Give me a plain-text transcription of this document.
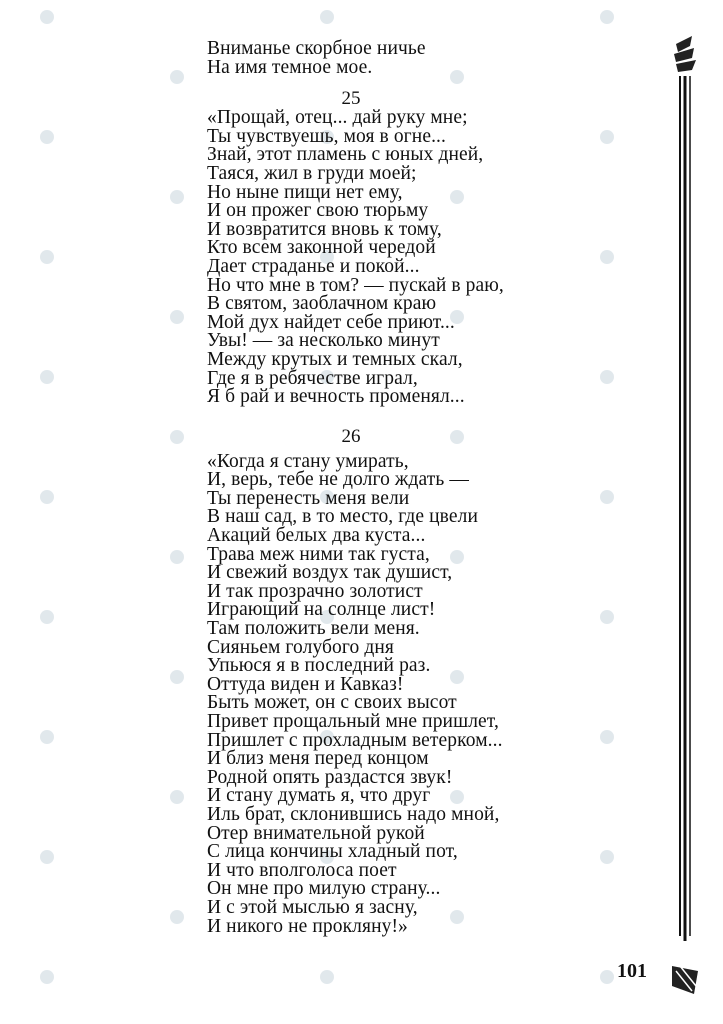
Вниманье скорбное ничье
На имя темное мое.
25
«Прощай, отец... дай руку мне;
Ты чувствуешь, моя в огне...
Знай, этот пламень с юных дней,
Таяся, жил в груди моей;
Но ныне пищи нет ему,
И он прожег свою тюрьму
И возвратится вновь к тому,
Кто всем законной чередой
Дает страданье и покой...
Но что мне в том? — пускай в раю,
В святом, заоблачном краю
Мой дух найдет себе приют...
Увы! — за несколько минут
Между крутых и темных скал,
Где я в ребячестве играл,
Я б рай и вечность променял...
26
«Когда я стану умирать,
И, верь, тебе не долго ждать —
Ты перенесть меня вели
В наш сад, в то место, где цвели
Акаций белых два куста...
Трава меж ними так густа,
И свежий воздух так душист,
И так прозрачно золотист
Играющий на солнце лист!
Там положить вели меня.
Сияньем голубого дня
Упьюся я в последний раз.
Оттуда виден и Кавказ!
Быть может, он с своих высот
Привет прощальный мне пришлет,
Пришлет с прохладным ветерком...
И близ меня перед концом
Родной опять раздастся звук!
И стану думать я, что друг
Иль брат, склонившись надо мной,
Отер внимательной рукой
С лица кончины хладный пот,
И что вполголоса поет
Он мне про милую страну...
И с этой мыслью я засну,
И никого не прокляну!»
101
